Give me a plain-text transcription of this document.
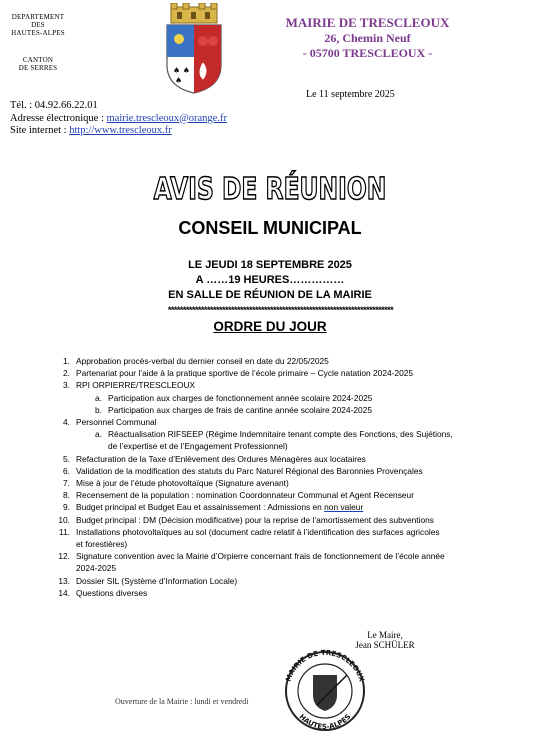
DEPARTEMENT
DES
HAUTES-ALPES
CANTON
DE SERRES	♠ ♠
♠
MAIRIE DE TRESCLEOUX
26, Chemin Neuf
- 05700 TRESCLEOUX -
Le 11 septembre 2025
Tél. : 04.92.66.22.01
Adresse électronique : mairie.trescleoux@orange.fr
Site internet : http://www.trescleoux.fr
AVIS DE RÉUNION
CONSEIL MUNICIPAL
LE JEUDI 18 SEPTEMBRE 2025
A ……19 HEURES……………
EN SALLE DE RÉUNION DE LA MAIRIE
***************************************************************************
ORDRE DU JOUR
1. Approbation procès-verbal du dernier conseil en date du 22/05/2025
2. Partenariat pour l’aide à la pratique sportive de l’école primaire – Cycle natation 2024-2025
3. RPI ORPIERRE/TRESCLEOUX
a. Participation aux charges de fonctionnement année scolaire 2024-2025
b. Participation aux charges de frais de cantine année scolaire 2024-2025
4. Personnel Communal
a. Réactualisation RIFSEEP (Régime Indemnitaire tenant compte des Fonctions, des Sujétions,
de l’expertise et de l’Engagement Professionnel)
5. Refacturation de la Taxe d’Enlèvement des Ordures Ménagères aux locataires
6. Validation de la modification des statuts du Parc Naturel Régional des Baronnies Provençales
7. Mise à jour de l’étude photovoltaïque (Signature avenant)
8. Recensement de la population : nomination Coordonnateur Communal et Agent Recenseur
9. Budget principal et Budget Eau et assainissement : Admissions en non valeur
10. Budget principal : DM (Décision modificative) pour la reprise de l’amortissement des subventions
11. Installations photovoltaïques au sol (document cadre relatif à l’identification des surfaces agricoles
et forestières)
12. Signature convention avec la Mairie d’Orpierre concernant frais de fonctionnement de l’école année
2024-2025
13. Dossier SIL (Système d’Information Locale)
14. Questions diverses
Le Maire,
Jean SCHÜLER
MAIRIE DE TRESCLEOUX
HAUTES-ALPES
Ouverture de la Mairie : lundi et vendredi
